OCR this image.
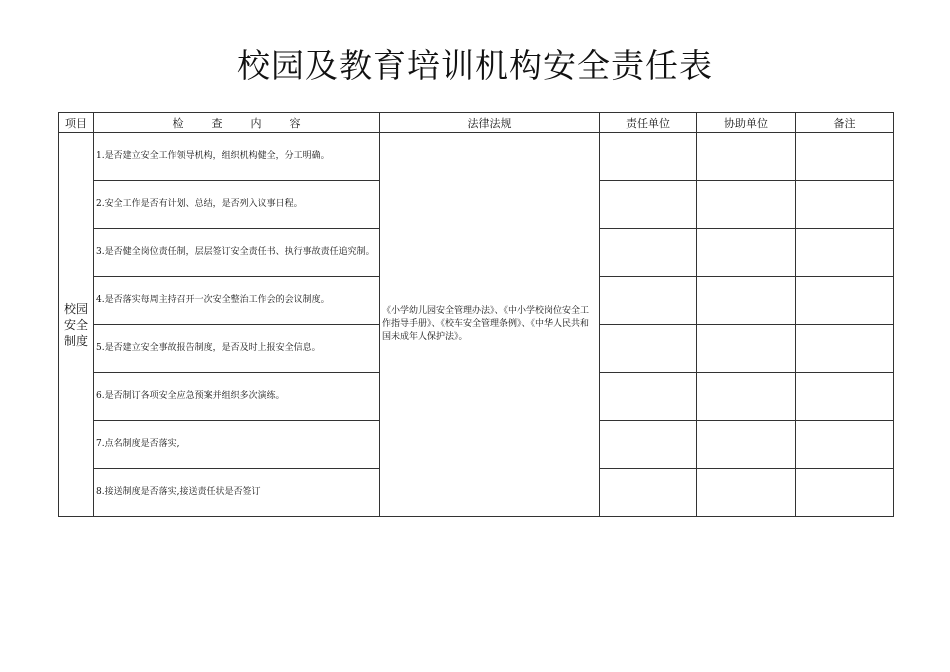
校园及教育培训机构安全责任表
项目	检 查 内 容	法律法规	责任单位	协助单位	备注
校园安全制度	1.是否建立安全工作领导机构，组织机构健全，分工明确。	《小学幼儿园安全管理办法》、《中小学校岗位安全工作指导手册》、《校车安全管理条例》、《中华人民共和国未成年人保护法》。			
	2.安全工作是否有计划、总结，是否列入议事日程。				
	3.是否健全岗位责任制，层层签订安全责任书、执行事故责任追究制。				
	4.是否落实每周主持召开一次安全整治工作会的会议制度。				
	5.是否建立安全事故报告制度，是否及时上报安全信息。				
	6.是否制订各项安全应急预案并组织多次演练。				
	7.点名制度是否落实,				
	8.接送制度是否落实,接送责任状是否签订				
